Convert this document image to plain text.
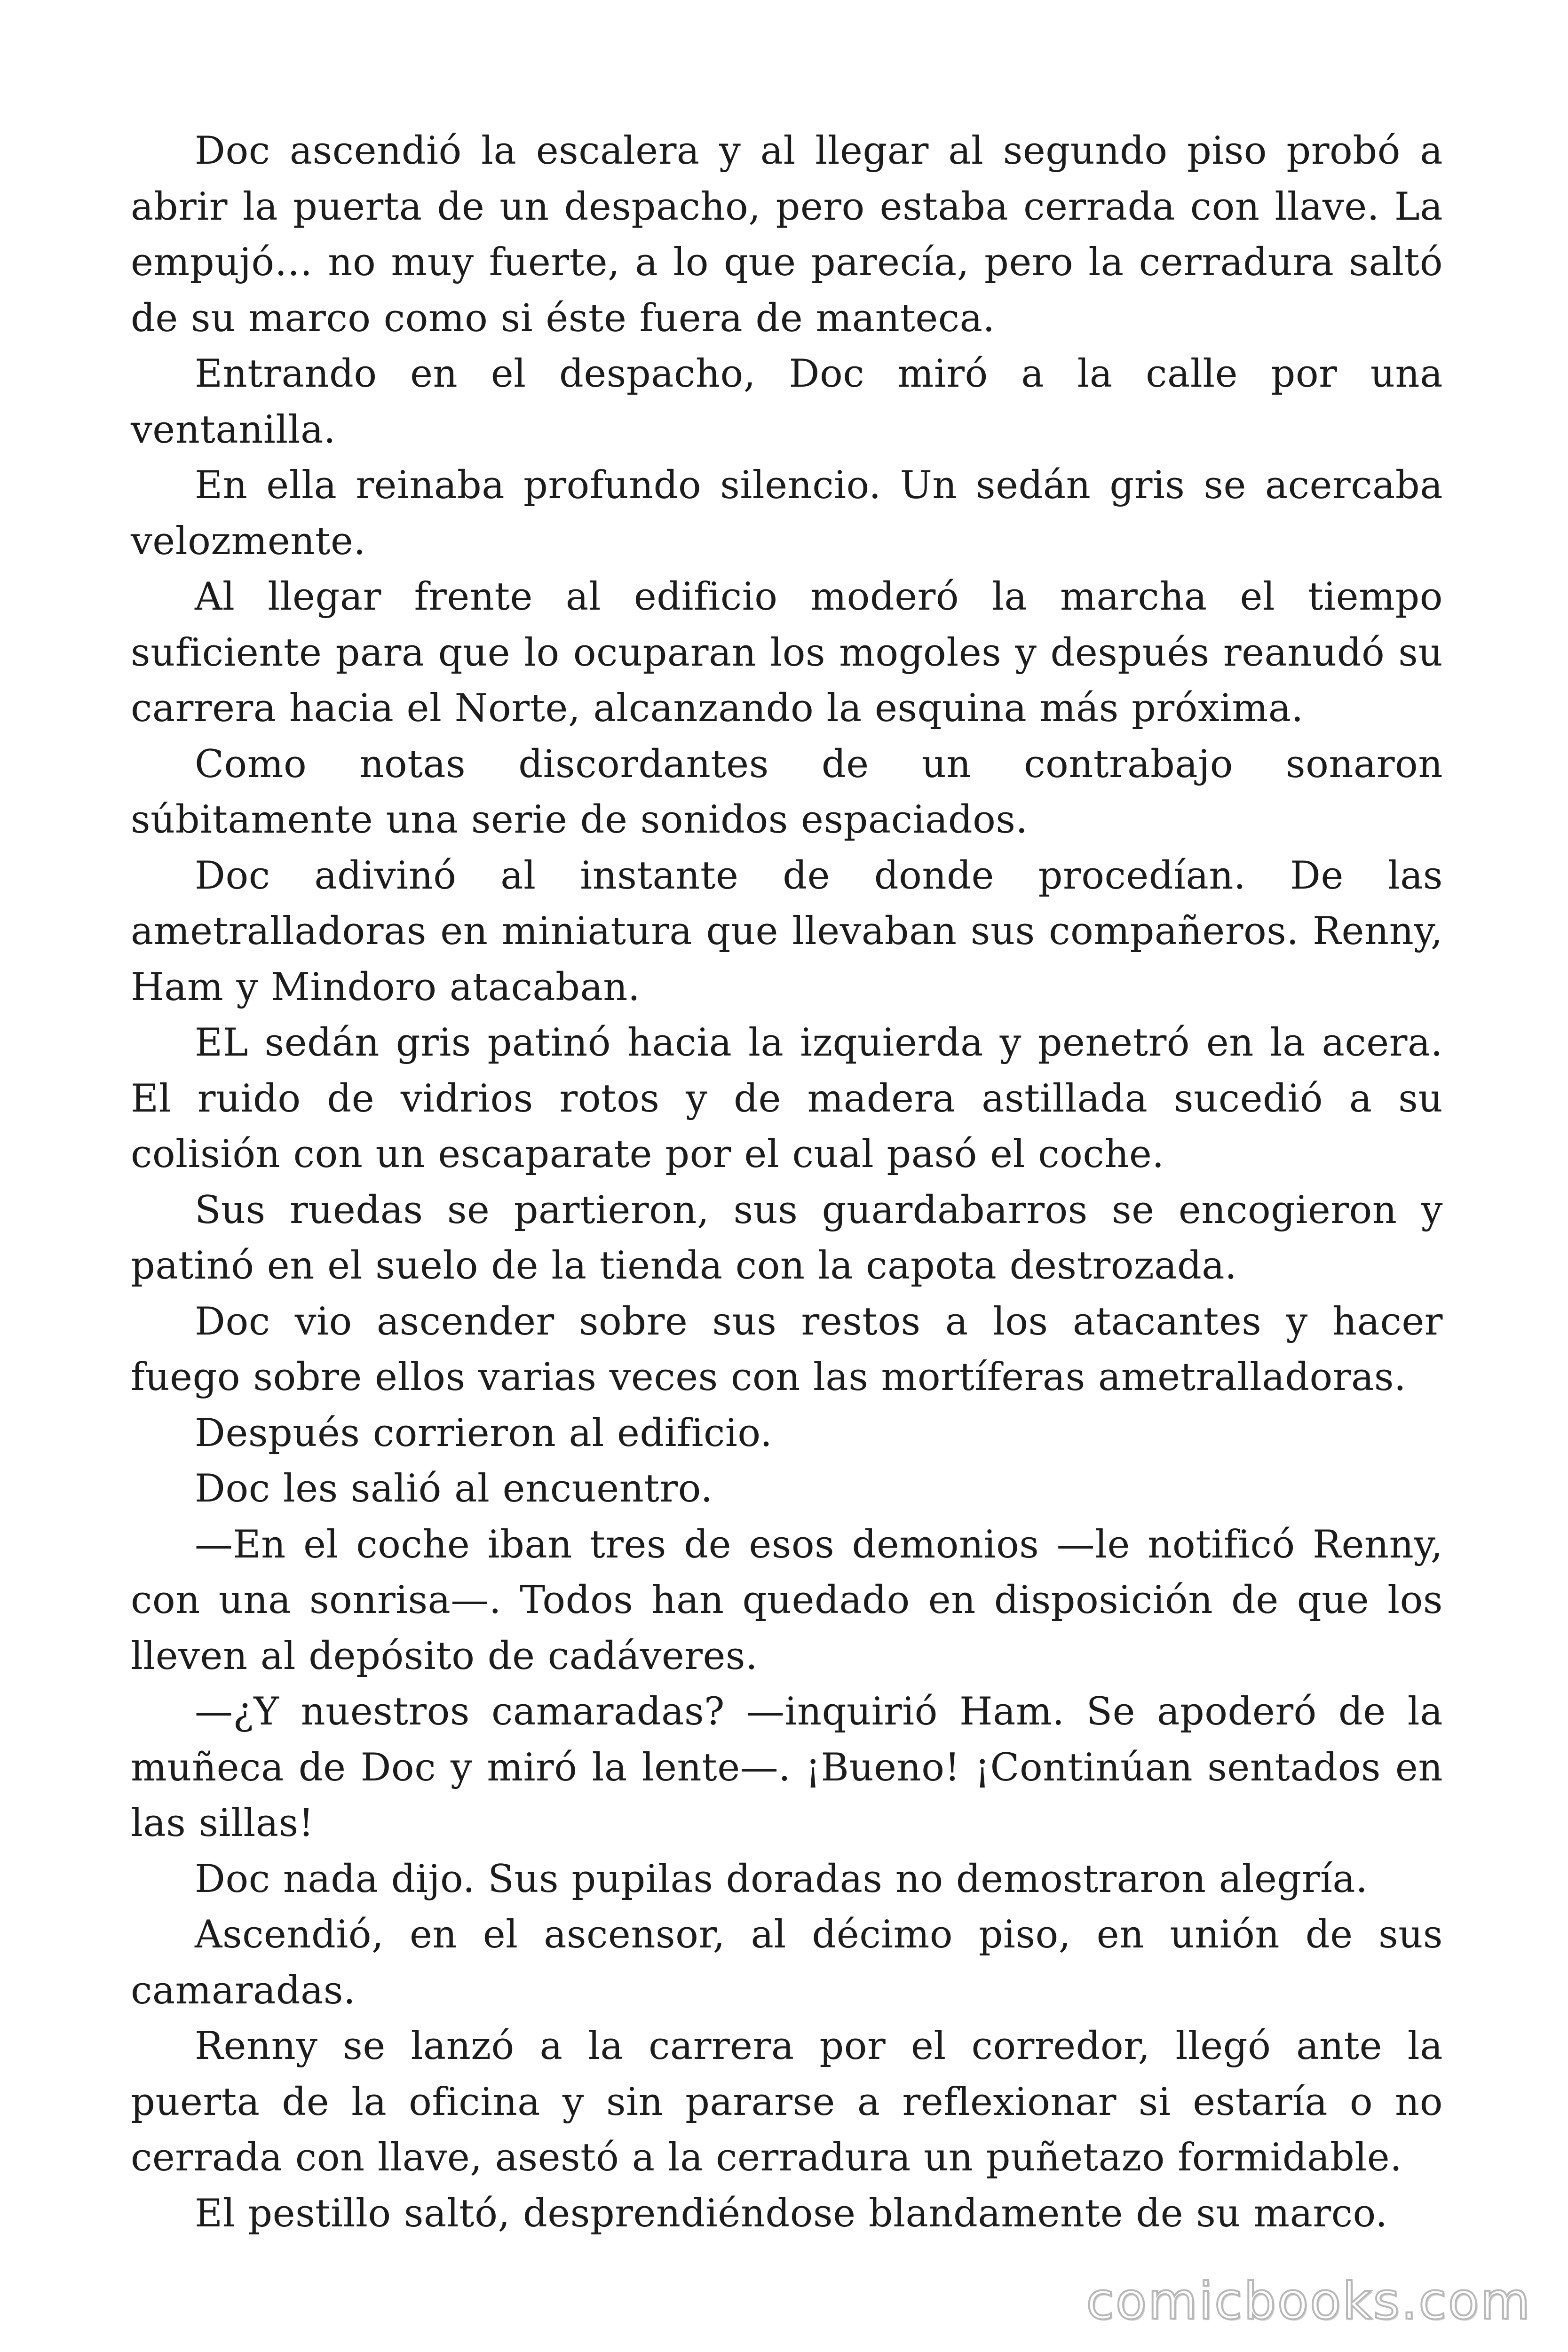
Doc ascendió la escalera y al llegar al segundo piso probó a abrir la puerta de un despacho, pero estaba cerrada con llave. La empujó… no muy fuerte, a lo que parecía, pero la cerradura saltó de su marco como si éste fuera de manteca.

Entrando en el despacho, Doc miró a la calle por una ventanilla.

En ella reinaba profundo silencio. Un sedán gris se acercaba velozmente.

Al llegar frente al edificio moderó la marcha el tiempo suficiente para que lo ocuparan los mogoles y después reanudó su carrera hacia el Norte, alcanzando la esquina más próxima.

Como notas discordantes de un contrabajo sonaron súbitamente una serie de sonidos espaciados.

Doc adivinó al instante de donde procedían. De las ametralladoras en miniatura que llevaban sus compañeros. Renny, Ham y Mindoro atacaban.

EL sedán gris patinó hacia la izquierda y penetró en la acera. El ruido de vidrios rotos y de madera astillada sucedió a su colisión con un escaparate por el cual pasó el coche.

Sus ruedas se partieron, sus guardabarros se encogieron y patinó en el suelo de la tienda con la capota destrozada.

Doc vio ascender sobre sus restos a los atacantes y hacer fuego sobre ellos varias veces con las mortíferas ametralladoras.

Después corrieron al edificio.

Doc les salió al encuentro.

—En el coche iban tres de esos demonios —le notificó Renny, con una sonrisa—. Todos han quedado en disposición de que los lleven al depósito de cadáveres.

—¿Y nuestros camaradas? —inquirió Ham. Se apoderó de la muñeca de Doc y miró la lente—. ¡Bueno! ¡Continúan sentados en las sillas!

Doc nada dijo. Sus pupilas doradas no demostraron alegría.

Ascendió, en el ascensor, al décimo piso, en unión de sus camaradas.

Renny se lanzó a la carrera por el corredor, llegó ante la puerta de la oficina y sin pararse a reflexionar si estaría o no cerrada con llave, asestó a la cerradura un puñetazo formidable.

El pestillo saltó, desprendiéndose blandamente de su marco.

comicbooks.com
